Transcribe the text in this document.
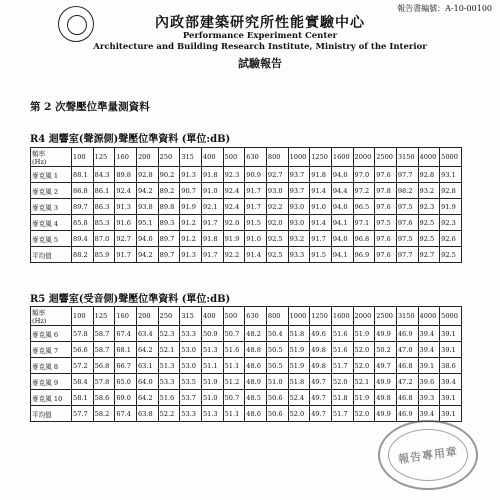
報告書編號：A-10-00100
內政部建築研究所性能實驗中心
Performance Experiment Center
Architecture and Building Research Institute, Ministry of the Interior
試驗報告
第 2 次聲壓位準量測資料
R4 迴響室(聲源側)聲壓位準資料 (單位:dB)
頻率
(Hz)	100	125	160	200	250	315	400	500	630	800	1000	1250	1600	2000	2500	3150	4000	5000

麥克風 1	88.1	84.3	89.8	92.8	90.2	91.3	91.8	92.3	90.9	92.7	93.7	91.8	94.0	97.0	97.6	97.7	92.8	93.1
麥克風 2	86.8	86.1	92.4	94.2	89.2	90.7	91.0	92.4	91.7	93.0	93.7	91.4	94.4	97.2	97.8	98.2	93.2	92.8
麥克風 3	89.7	86.3	91.3	93.8	89.8	91.9	92.1	92.4	91.7	92.2	93.0	91.0	94.0	96.5	97.6	97.5	92.3	91.9
麥克風 4	85.8	85.3	91.6	95.1	89.3	91.2	91.7	92.0	91.5	92.0	93.0	91.4	94.1	97.1	97.5	97.6	92.5	92.3
麥克風 5	89.4	87.0	92.7	94.6	89.7	91.2	91.8	91.9	91.0	92.5	93.2	91.7	94.0	96.8	97.6	97.5	92.5	92.6
平均值	88.2	85.9	91.7	94.2	89.7	91.3	91.7	92.2	91.4	92.5	93.3	91.5	94.1	96.9	97.6	97.7	92.7	92.5
R5 迴響室(受音側)聲壓位準資料 (單位:dB)
頻率
(Hz)	100	125	160	200	250	315	400	500	630	800	1000	1250	1600	2000	2500	3150	4000	5000

麥克風 6	57.8	58.7	67.4	63.4	52.3	53.3	50.9	50.7	48.2	50.4	51.8	49.6	51.6	51.9	49.9	46.9	39.4	39.1
麥克風 7	56.6	58.7	68.1	64.2	52.1	53.0	51.3	51.6	48.8	50.5	51.9	49.8	51.6	52.0	50.2	47.0	39.4	39.1
麥克風 8	57.2	56.8	66.7	63.1	51.3	53.0	51.1	51.1	48.6	50.5	51.9	49.8	51.7	52.0	49.7	46.8	39.1	38.6
麥克風 9	58.4	57.8	65.0	64.0	53.3	53.5	51.9	51.2	48.9	51.0	51.8	49.7	52.0	52.1	49.9	47.2	39.6	39.4
麥克風 10	58.1	58.6	69.0	64.2	51.6	53.7	51.0	50.7	48.5	50.6	52.4	49.7	51.8	51.9	49.8	46.8	39.3	39.1
平均值	57.7	58.2	67.4	63.8	52.2	53.3	51.3	51.1	48.6	50.6	52.0	49.7	51.7	52.0	49.9	46.9	39.4	39.1
報告專用章
